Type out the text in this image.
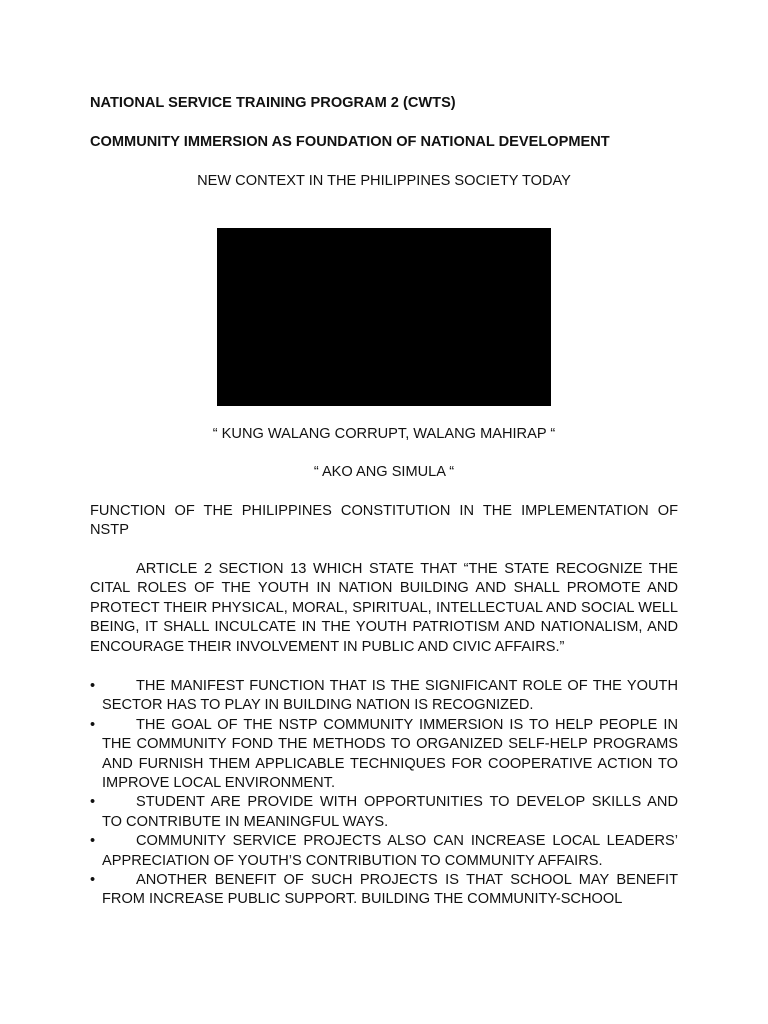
NATIONAL SERVICE TRAINING PROGRAM 2 (CWTS)
COMMUNITY IMMERSION AS FOUNDATION OF NATIONAL DEVELOPMENT
NEW CONTEXT IN THE PHILIPPINES SOCIETY TODAY
“ KUNG WALANG CORRUPT, WALANG MAHIRAP “
“ AKO ANG SIMULA “
FUNCTION OF THE PHILIPPINES CONSTITUTION IN THE IMPLEMENTATION OF NSTP
ARTICLE 2 SECTION 13 WHICH STATE THAT “THE STATE RECOGNIZE THE CITAL ROLES OF THE YOUTH IN NATION BUILDING AND SHALL PROMOTE AND PROTECT THEIR PHYSICAL, MORAL, SPIRITUAL, INTELLECTUAL AND SOCIAL WELL BEING, IT SHALL INCULCATE IN THE YOUTH PATRIOTISM AND NATIONALISM, AND ENCOURAGE THEIR INVOLVEMENT IN PUBLIC AND CIVIC AFFAIRS.”
•	THE MANIFEST FUNCTION THAT IS THE SIGNIFICANT ROLE OF THE YOUTH SECTOR HAS TO PLAY IN BUILDING NATION IS RECOGNIZED.
•	THE GOAL OF THE NSTP COMMUNITY IMMERSION IS TO HELP PEOPLE IN THE COMMUNITY FOND THE METHODS TO ORGANIZED SELF-HELP PROGRAMS AND FURNISH THEM APPLICABLE TECHNIQUES FOR COOPERATIVE ACTION TO IMPROVE LOCAL ENVIRONMENT.
•	STUDENT ARE PROVIDE WITH OPPORTUNITIES TO DEVELOP SKILLS AND TO CONTRIBUTE IN MEANINGFUL WAYS.
•	COMMUNITY SERVICE PROJECTS ALSO CAN INCREASE LOCAL LEADERS’ APPRECIATION OF YOUTH’S CONTRIBUTION TO COMMUNITY AFFAIRS.
•	ANOTHER BENEFIT OF SUCH PROJECTS IS THAT SCHOOL MAY BENEFIT FROM INCREASE PUBLIC SUPPORT. BUILDING THE COMMUNITY-SCHOOL
